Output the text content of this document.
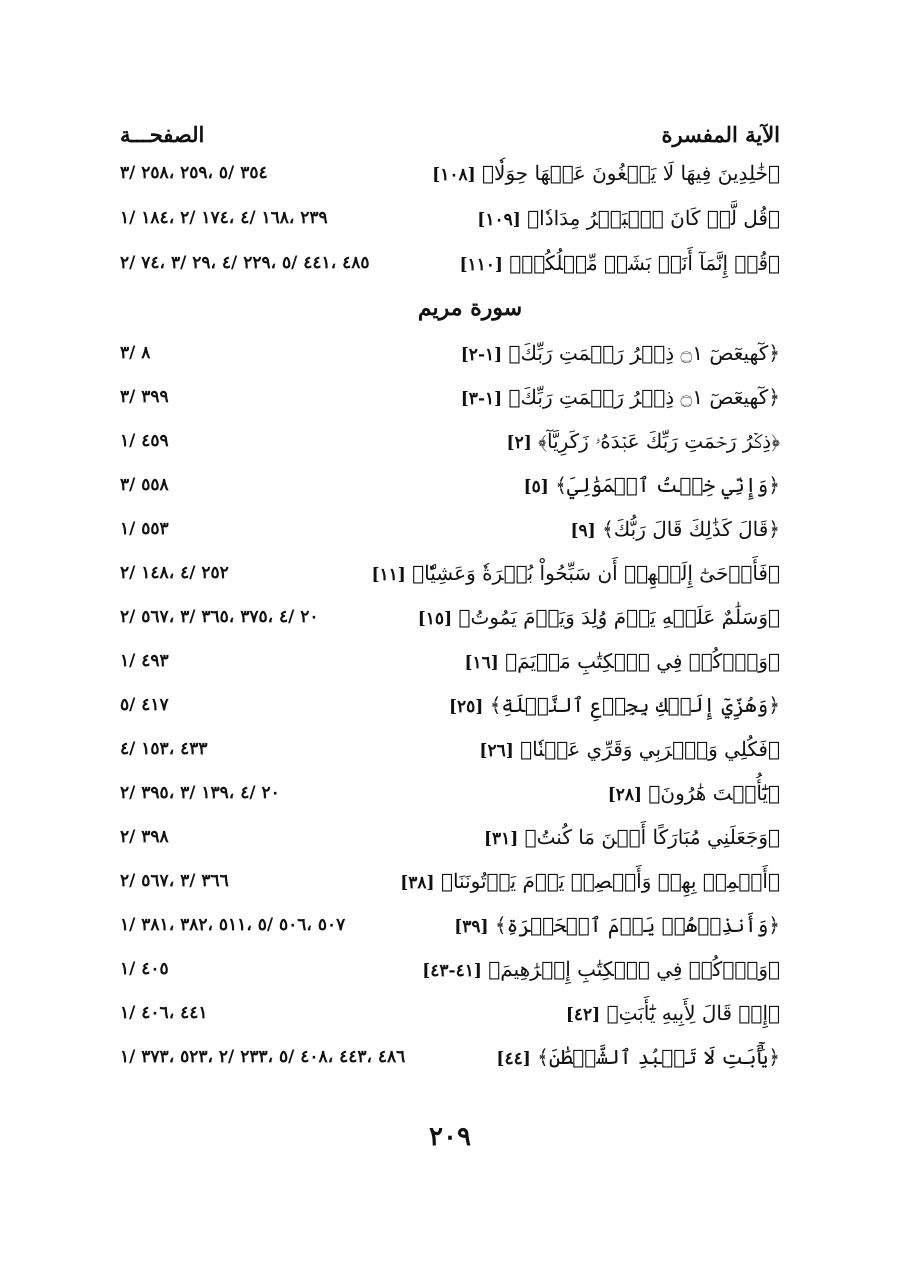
الصفحـــة	الآية المفسرة
٣٥٤ /٥ ،٢٥٩ ،٢٥٨ /٣	﴿خَٰلِدِينَ فِيهَا لَا يَبۡغُونَ عَنۡهَا حِوَلٗا﴾ [١٠٨]
٢٣٩ ،١٦٨ /٤ ،١٧٤ /٢ ،١٨٤ /١	﴿قُل لَّوۡ كَانَ ٱلۡبَحۡرُ مِدَادٗا﴾ [١٠٩]
٤٨٥ ،٤٤١ /٥ ،٢٢٩ /٤ ،٢٩ /٣ ،٧٤ /٢	﴿قُلۡ إِنَّمَآ أَنَا۠ بَشَرٞ مِّثۡلُكُمۡ﴾ [١١٠]
سورة مريم
٨ /٣	﴿كٓهيعٓصٓ ۝١ ذِكۡرُ رَحۡمَتِ رَبِّكَ﴾ [١-٢]
٣٩٩ /٣	﴿كٓهيعٓصٓ ۝١ ذِكۡرُ رَحۡمَتِ رَبِّكَ﴾ [١-٣]
٤٥٩ /١	﴿ذِكۡرُ رَحۡمَتِ رَبِّكَ عَبۡدَهُۥ زَكَرِيَّآ﴾ [٢]
٥٥٨ /٣	﴿وَإِنِّي خِفۡتُ ٱلۡمَوَٰلِيَ﴾ [٥]
٥٥٣ /١	﴿قَالَ كَذَٰلِكَ قَالَ رَبُّكَ﴾ [٩]
٢٥٢ /٤ ،١٤٨ /٢	﴿فَأَوۡحَىٰٓ إِلَيۡهِمۡ أَن سَبِّحُواْ بُكۡرَةٗ وَعَشِيّٗا﴾ [١١]
٢٠ /٤ ،٣٧٥ ،٣٦٥ /٣ ،٥٦٧ /٢	﴿وَسَلَٰمٌ عَلَيۡهِ يَوۡمَ وُلِدَ وَيَوۡمَ يَمُوتُ﴾ [١٥]
٤٩٣ /١	﴿وَٱذۡكُرۡ فِي ٱلۡكِتَٰبِ مَرۡيَمَ﴾ [١٦]
٤١٧ /٥	﴿وَهُزِّيٓ إِلَيۡكِ بِجِذۡعِ ٱلنَّخۡلَةِ﴾ [٢٥]
٤٣٣ ،١٥٣ /٤	﴿فَكُلِي وَٱشۡرَبِي وَقَرِّي عَيۡنٗا﴾ [٢٦]
٢٠ /٤ ،١٣٩ /٣ ،٣٩٥ /٢	﴿يَٰٓأُخۡتَ هَٰرُونَ﴾ [٢٨]
٣٩٨ /٢	﴿وَجَعَلَنِي مُبَارَكًا أَيۡنَ مَا كُنتُ﴾ [٣١]
٣٦٦ /٣ ،٥٦٧ /٢	﴿أَسۡمِعۡ بِهِمۡ وَأَبۡصِرۡ يَوۡمَ يَأۡتُونَنَا﴾ [٣٨]
٥٠٧ ،٥٠٦ /٥ ،٥١١ ،٣٨٢ ،٣٨١ /١	﴿وَأَنذِرۡهُمۡ يَوۡمَ ٱلۡحَسۡرَةِ﴾ [٣٩]
٤٠٥ /١	﴿وَٱذۡكُرۡ فِي ٱلۡكِتَٰبِ إِبۡرَٰهِيمَ﴾ [٤١-٤٣]
٤٤١ ،٤٠٦ /١	﴿إِذۡ قَالَ لِأَبِيهِ يَٰٓأَبَتِ﴾ [٤٢]
٤٨٦ ،٤٤٣ ،٤٠٨ /٥ ،٢٣٣ /٢ ،٥٢٣ ،٣٧٣ /١	﴿يَٰٓأَبَتِ لَا تَعۡبُدِ ٱلشَّيۡطَٰنَ﴾ [٤٤]
٢٠٩
